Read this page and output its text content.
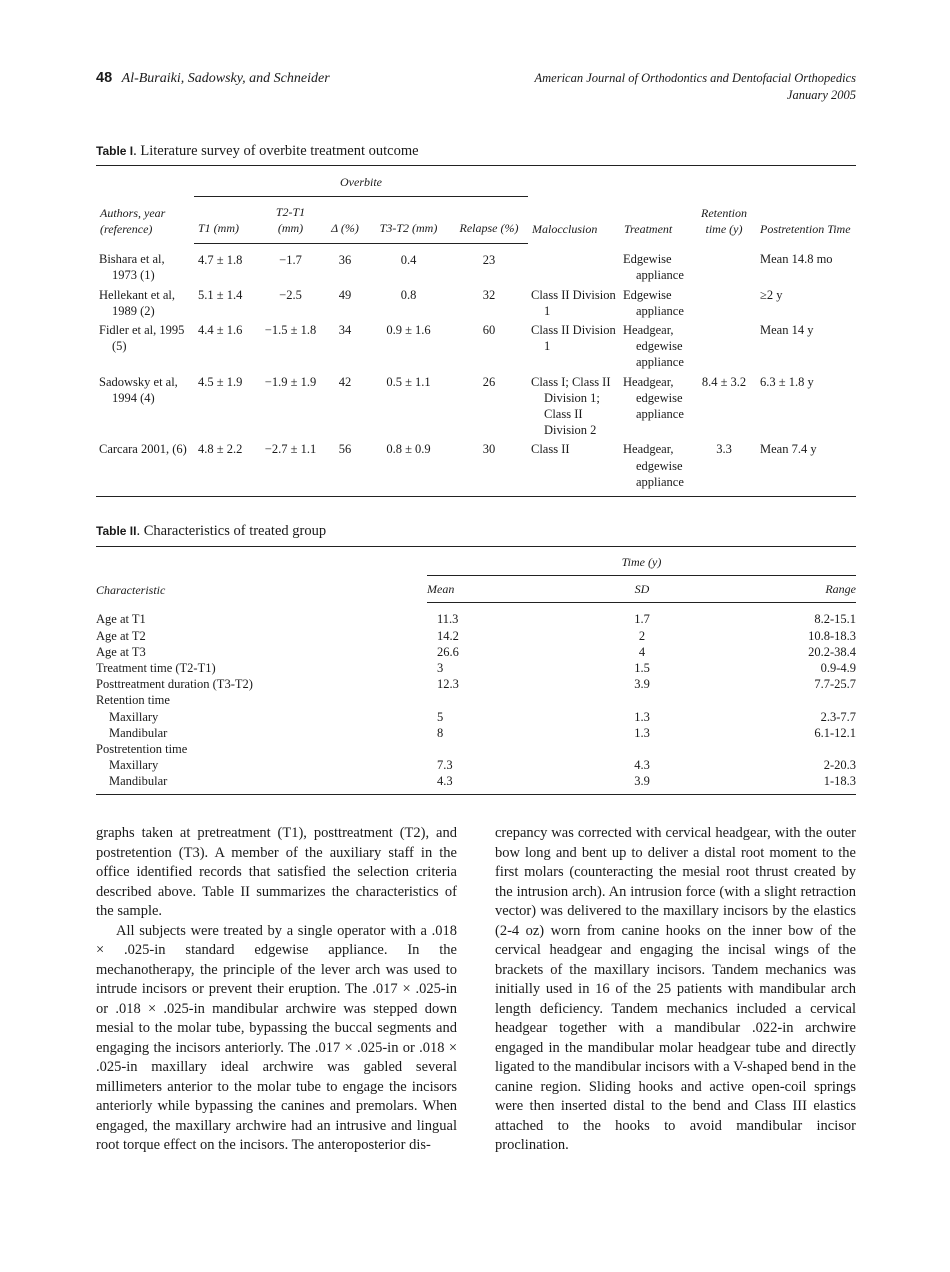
48 Al-Buraiki, Sadowsky, and Schneider	American Journal of Orthodontics and Dentofacial Orthopedics
January 2005
Table I. Literature survey of overbite treatment outcome
Authors, year (reference)	Overbite					Malocclusion	Treatment	Retention time (y)	Postretention Time
	T1 (mm)	T2-T1 (mm)	Δ (%)	T3-T2 (mm)	Relapse (%)				
Bishara et al, 1973 (1)	4.7 ± 1.8	−1.7	36	0.4	23		Edgewise appliance		Mean 14.8 mo
Hellekant et al, 1989 (2)	5.1 ± 1.4	−2.5	49	0.8	32	Class II Division 1	Edgewise appliance		≥2 y
Fidler et al, 1995 (5)	4.4 ± 1.6	−1.5 ± 1.8	34	0.9 ± 1.6	60	Class II Division 1	Headgear, edgewise appliance		Mean 14 y
Sadowsky et al, 1994 (4)	4.5 ± 1.9	−1.9 ± 1.9	42	0.5 ± 1.1	26	Class I; Class II Division 1; Class II Division 2	Headgear, edgewise appliance	8.4 ± 3.2	6.3 ± 1.8 y
Carcara 2001, (6)	4.8 ± 2.2	−2.7 ± 1.1	56	0.8 ± 0.9	30	Class II	Headgear, edgewise appliance	3.3	Mean 7.4 y
Table II. Characteristics of treated group
Characteristic	Time (y)		
	Mean	SD	Range
Age at T1	11.3	1.7	8.2-15.1
Age at T2	14.2	2	10.8-18.3
Age at T3	26.6	4	20.2-38.4
Treatment time (T2-T1)	3	1.5	0.9-4.9
Posttreatment duration (T3-T2)	12.3	3.9	7.7-25.7
Retention time			
Maxillary	5	1.3	2.3-7.7
Mandibular	8	1.3	6.1-12.1
Postretention time			
Maxillary	7.3	4.3	2-20.3
Mandibular	4.3	3.9	1-18.3

graphs taken at pretreatment (T1), posttreatment (T2), and postretention (T3). A member of the auxiliary staff in the office identified records that satisfied the selection criteria described above. Table II summarizes the characteristics of the sample.

All subjects were treated by a single operator with a .018 × .025-in standard edgewise appliance. In the mechanotherapy, the principle of the lever arch was used to intrude incisors or prevent their eruption. The .017 × .025-in or .018 × .025-in mandibular archwire was stepped down mesial to the molar tube, bypassing the buccal segments and engaging the incisors anteriorly. The .017 × .025-in or .018 × .025-in maxillary ideal archwire was gabled several millimeters anterior to the molar tube to engage the incisors anteriorly while bypassing the canines and premolars. When engaged, the maxillary archwire had an intrusive and lingual root torque effect on the incisors. The anteroposterior dis-

crepancy was corrected with cervical headgear, with the outer bow long and bent up to deliver a distal root moment to the first molars (counteracting the mesial root thrust created by the intrusion arch). An intrusion force (with a slight retraction vector) was delivered to the maxillary incisors by the elastics (2-4 oz) worn from canine hooks on the inner bow of the cervical headgear and engaging the incisal wings of the brackets of the maxillary incisors. Tandem mechanics was initially used in 16 of the 25 patients with mandibular arch length deficiency. Tandem mechanics included a cervical headgear together with a mandibular .022-in archwire engaged in the mandibular molar headgear tube and directly ligated to the mandibular incisors with a V-shaped bend in the canine region. Sliding hooks and active open-coil springs were then inserted distal to the bend and Class III elastics attached to the hooks to avoid mandibular incisor proclination.
